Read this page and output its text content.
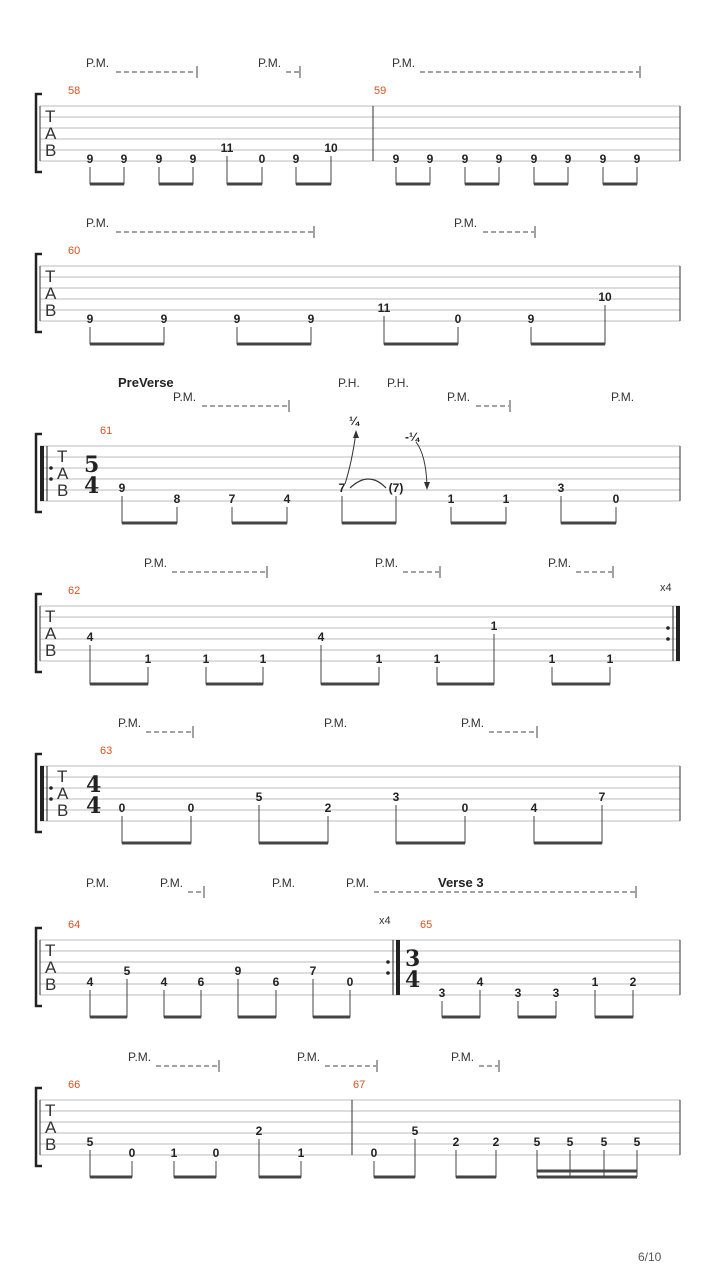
P.M.	P.M.	P.M.
58	59
T
A
B	9 9 9 9
11
0 9
10
9 9 9 9 9 9 9 9
P.M.	P.M.
60
T
A
B	9	9	9	9
11
0	9
10
PreVerse	P.H. P.H.
P.M.	P.M.	P.M.
61
T
A
B
5
4 9
8	7	4
7	(7)
1	1
3
0
¼
-¼
P.M.	P.M.	P.M.
x4
62
T
A
B
4
1	1	1
4
1	1
1
1	1
P.M.	P.M.	P.M.
63
T
A
B
4
4 0	0
5
2
3
0	4
7
P.M.	P.M.	P.M.	P.M.	Verse 3
x4
64	65
T
A
B
3
4
4
5
4	6
9
6
7
0
3
4
3	3
1	2
P.M.	P.M.	P.M.
66	67
T
A
B	5
0	1	0
2
1	0
5
2	2	5 5 5 5
6/10
